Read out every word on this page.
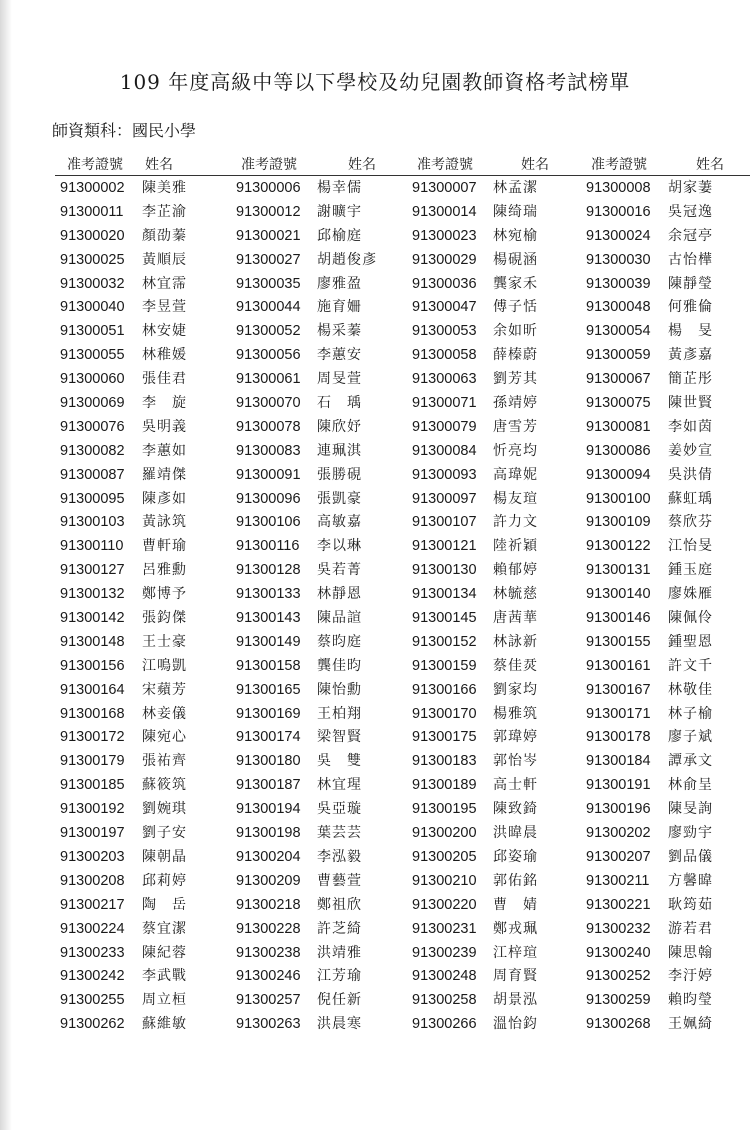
109 年度高級中等以下學校及幼兒園教師資格考試榜單
師資類科：國民小學
准考證號 姓名	准考證號	姓名	准考證號	姓名	准考證號	姓名
91300002 陳美雅	91300006 楊幸儒	91300007 林孟潔	91300008 胡家萋
91300011 李芷渝	91300012 謝曠宇	91300014 陳绮瑞	91300016 吳冠逸
91300020 顏劭蓁	91300021 邱榆庭	91300023 林宛榆	91300024 余冠亭
91300025 黃順辰	91300027 胡趙俊彥 91300029 楊硯涵	91300030 古怡樺
91300032 林宜霈	91300035 廖雅盈	91300036 龔家禾	91300039 陳靜瑩
91300040 李昱萱	91300044 施育姍	91300047 傅子恬	91300048 何雅倫
91300051 林安婕	91300052 楊采蓁	91300053 余如昕	91300054 楊　旻
91300055 林稚媛	91300056 李蕙安	91300058 薛榛蔚	91300059 黃彥嘉
91300060 張佳君	91300061 周旻萱	91300063 劉芳其	91300067 簡芷彤
91300069 李　旋	91300070 石　瑀	91300071 孫靖婷	91300075 陳世賢
91300076 吳明義	91300078 陳欣妤	91300079 唐雪芳	91300081 李如茵
91300082 李蕙如	91300083 連珮淇	91300084 忻亮均	91300086 姜妙宣
91300087 羅靖傑	91300091 張勝硯	91300093 高瑋妮	91300094 吳洪倩
91300095 陳彥如	91300096 張凱豪	91300097 楊友瑄	91300100 蘇虹瑀
91300103 黃詠筑	91300106 高敏嘉	91300107 許力文	91300109 蔡欣芬
91300110 曹軒瑜	91300116 李以琳	91300121 陸祈穎	91300122 江怡旻
91300127 呂雅勳	91300128 吳若菁	91300130 賴郁婷	91300131 鍾玉庭
91300132 鄭博予	91300133 林靜恩	91300134 林毓慈	91300140 廖姝雁
91300142 張鈞傑	91300143 陳品諠	91300145 唐茜華	91300146 陳佩伶
91300148 王士豪	91300149 蔡昀庭	91300152 林詠新	91300155 鍾聖恩
91300156 江鳴凱	91300158 龔佳昀	91300159 蔡佳烎	91300161 許文千
91300164 宋蘋芳	91300165 陳怡勳	91300166 劉家均	91300167 林敬佳
91300168 林妾儀	91300169 王柏翔	91300170 楊雅筑	91300171 林子榆
91300172 陳宛心	91300174 梁智賢	91300175 郭瑋婷	91300178 廖子斌
91300179 張祐齊	91300180 吳　雙	91300183 郭怡岑	91300184 譚承文
91300185 蘇筱筑	91300187 林宜瑆	91300189 高士軒	91300191 林俞呈
91300192 劉婉琪	91300194 吳亞璇	91300195 陳致錡	91300196 陳旻詢
91300197 劉子安	91300198 葉芸芸	91300200 洪暐晨	91300202 廖勁宇
91300203 陳朝晶	91300204 李泓毅	91300205 邱姿瑜	91300207 劉品儀
91300208 邱莉婷	91300209 曹藝萱	91300210 郭佑銘	91300211 方馨暐
91300217 陶　岳	91300218 鄭祖欣	91300220 曹　婧	91300221 耿筠茹
91300224 蔡宜潔	91300228 許芝綺	91300231 鄭戎珮	91300232 游若君
91300233 陳紀蓉	91300238 洪靖雅	91300239 江梓瑄	91300240 陳思翰
91300242 李武戰	91300246 江芳瑜	91300248 周育賢	91300252 李汙婷
91300255 周立桓	91300257 倪任新	91300258 胡景泓	91300259 賴昀瑩
91300262 蘇維敏	91300263 洪晨寒	91300266 溫怡鈞	91300268 王姵綺
